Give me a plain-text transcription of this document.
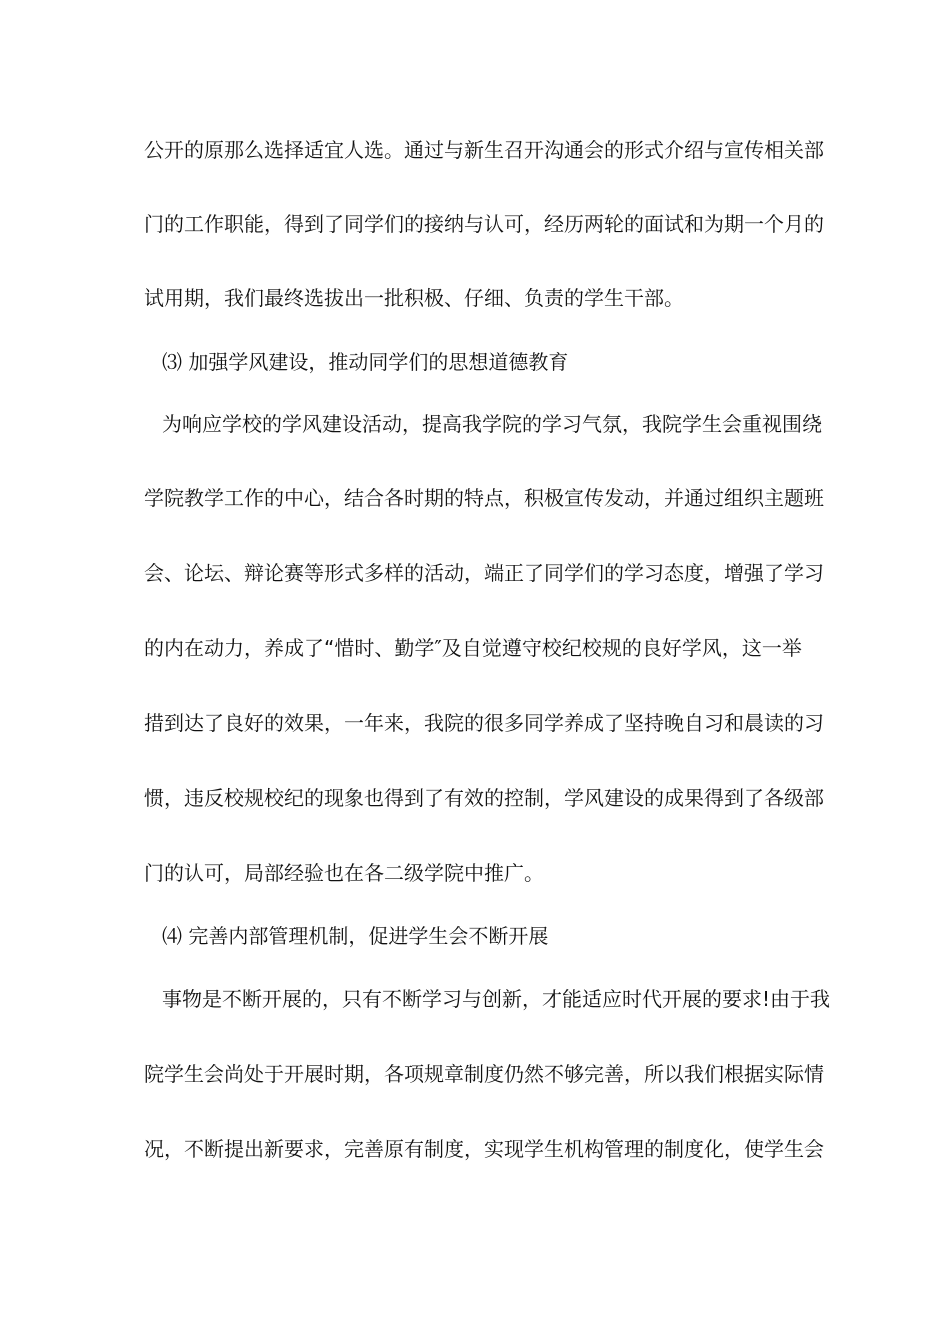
公开的原那么选择适宜人选。通过与新生召开沟通会的形式介绍与宣传相关部
门的工作职能，得到了同学们的接纳与认可，经历两轮的面试和为期一个月的
试用期，我们最终选拔出一批积极、仔细、负责的学生干部。
⑶ 加强学风建设，推动同学们的思想道德教育
为响应学校的学风建设活动，提高我学院的学习气氛，我院学生会重视围绕
学院教学工作的中心，结合各时期的特点，积极宣传发动，并通过组织主题班
会、论坛、辩论赛等形式多样的活动，端正了同学们的学习态度，增强了学习
的内在动力，养成了“惜时、勤学″及自觉遵守校纪校规的良好学风，这一举
措到达了良好的效果，一年来，我院的很多同学养成了坚持晚自习和晨读的习
惯，违反校规校纪的现象也得到了有效的控制，学风建设的成果得到了各级部
门的认可，局部经验也在各二级学院中推广。
⑷ 完善内部管理机制，促进学生会不断开展
事物是不断开展的，只有不断学习与创新，才能适应时代开展的要求!由于我
院学生会尚处于开展时期，各项规章制度仍然不够完善，所以我们根据实际情
况，不断提出新要求，完善原有制度，实现学生机构管理的制度化，使学生会
